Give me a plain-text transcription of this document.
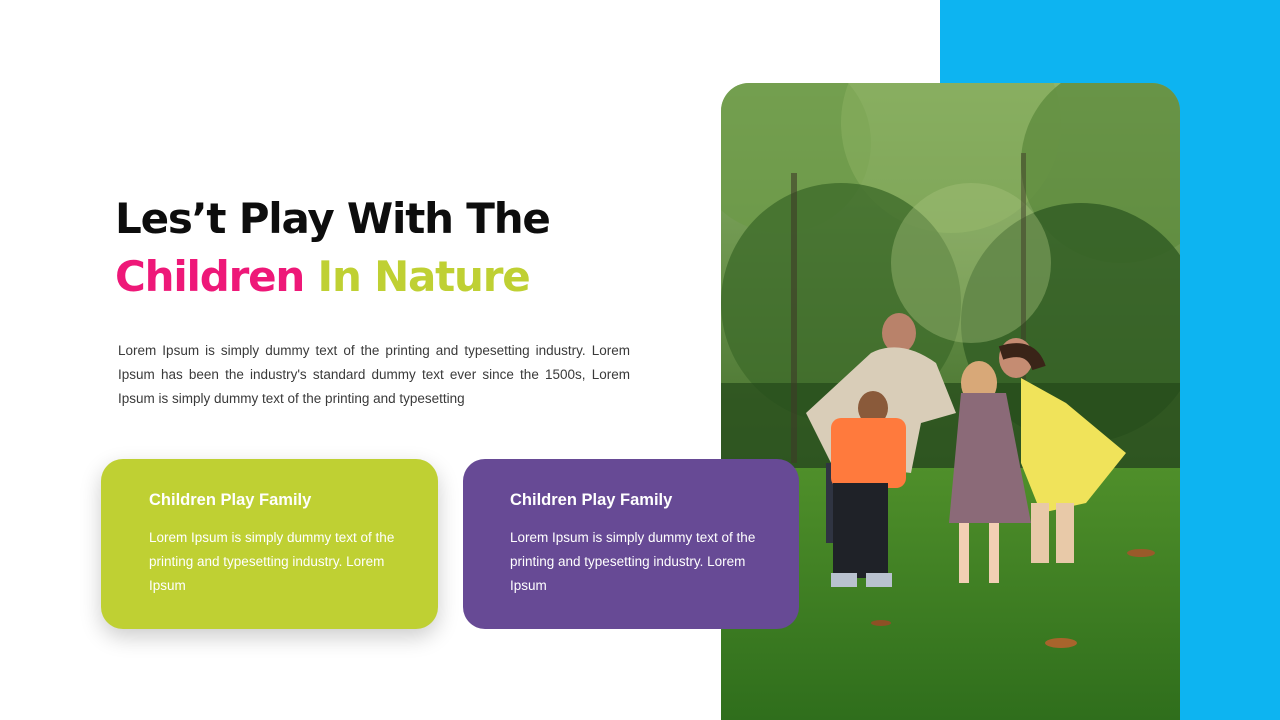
Les’t Play With The
Children In Nature

Lorem Ipsum is simply dummy text of the printing and typesetting industry. Lorem Ipsum has been the industry's standard dummy text ever since the 1500s, Lorem Ipsum is simply dummy text of the printing and typesetting

Children Play Family

Lorem Ipsum is simply dummy text of the printing and typesetting industry. Lorem Ipsum

Children Play Family

Lorem Ipsum is simply dummy text of the printing and typesetting industry. Lorem Ipsum
